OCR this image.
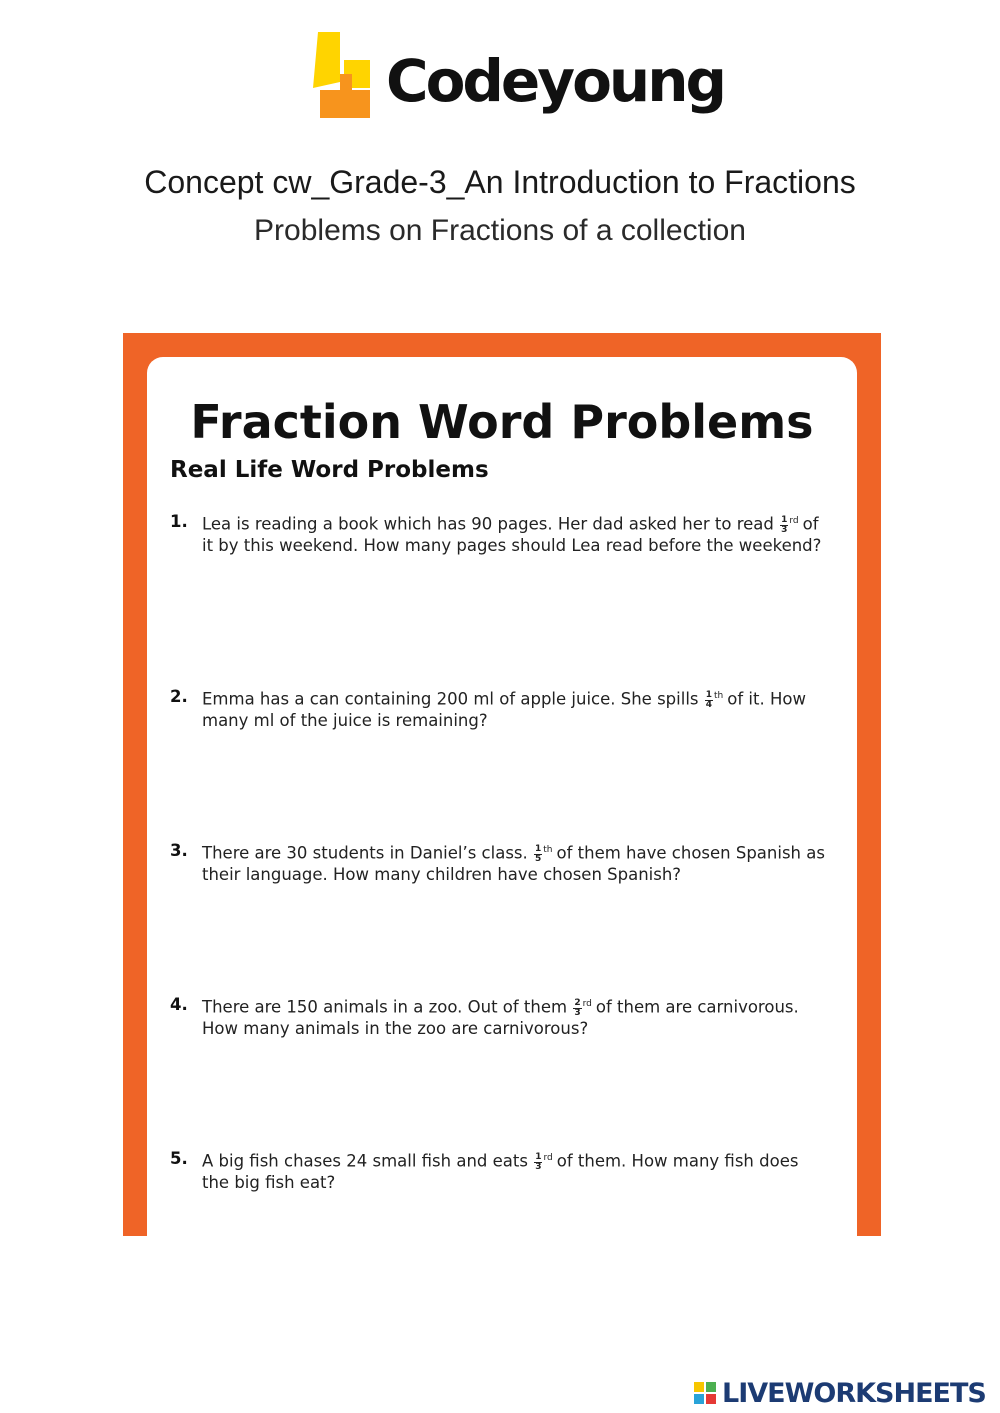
Codeyoung
Concept cw_Grade-3_An Introduction to Fractions
Problems on Fractions of a collection
Fraction Word Problems
Real Life Word Problems
1. Lea is reading a book which has 90 pages. Her dad asked her to read $\frac{1}{3} ^{rd}$ of it by this weekend. How many pages should Lea read before the weekend?
2. Emma has a can containing 200 ml of apple juice. She spills $\frac{1}{4} ^{th}$ of it. How many ml of the juice is remaining?
3. There are 30 students in Daniel’s class. $\frac{1}{5} ^{th}$ of them have chosen Spanish as their language. How many children have chosen Spanish?
4. There are 150 animals in a zoo. Out of them $\frac{2}{3} ^{rd}$ of them are carnivorous. How many animals in the zoo are carnivorous?
5. A big fish chases 24 small fish and eats $\frac{1}{3} ^{rd}$ of them. How many fish does the big fish eat?
LIVEWORKSHEETS
